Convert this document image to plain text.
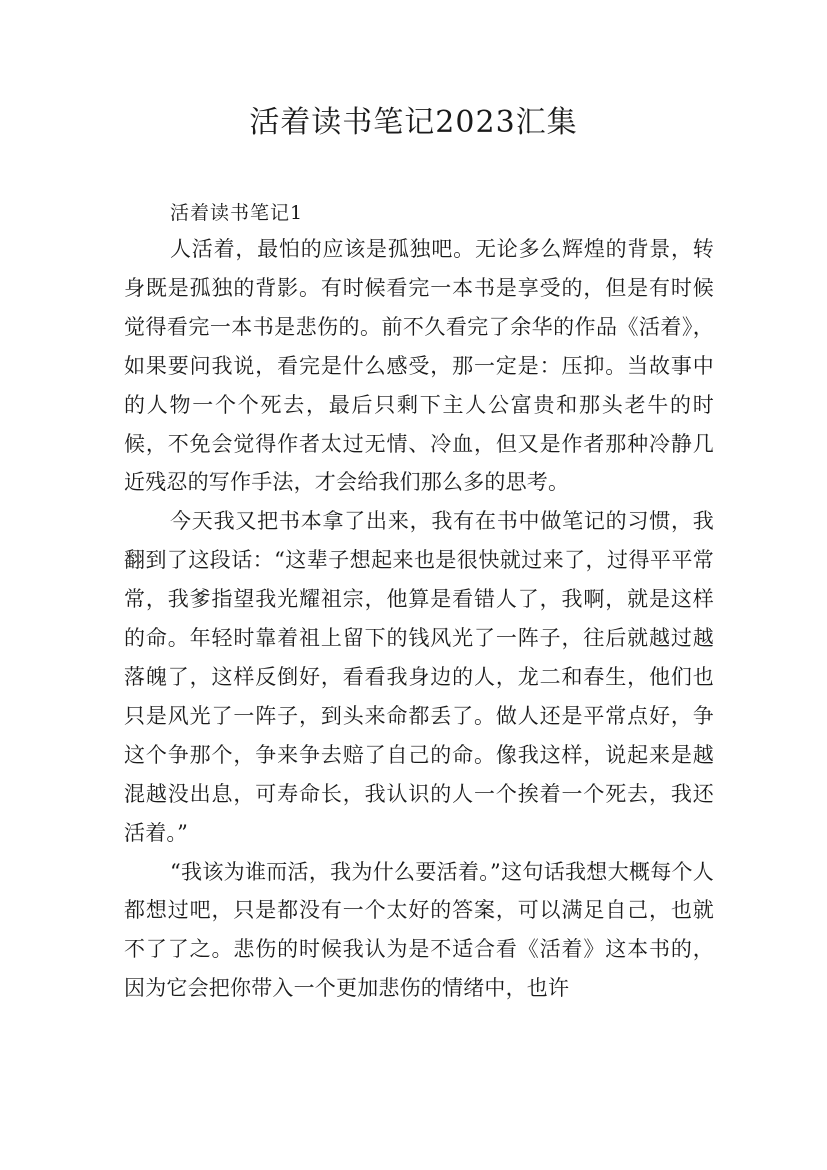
活着读书笔记2023汇集
活着读书笔记1

人活着，最怕的应该是孤独吧。无论多么辉煌的背景，转身既是孤独的背影。有时候看完一本书是享受的，但是有时候觉得看完一本书是悲伤的。前不久看完了余华的作品《活着》，如果要问我说，看完是什么感受，那一定是：压抑。当故事中的人物一个个死去，最后只剩下主人公富贵和那头老牛的时候，不免会觉得作者太过无情、冷血，但又是作者那种冷静几近残忍的写作手法，才会给我们那么多的思考。

今天我又把书本拿了出来，我有在书中做笔记的习惯，我翻到了这段话：“这辈子想起来也是很快就过来了，过得平平常常，我爹指望我光耀祖宗，他算是看错人了，我啊，就是这样的命。年轻时靠着祖上留下的钱风光了一阵子，往后就越过越落魄了，这样反倒好，看看我身边的人，龙二和春生，他们也只是风光了一阵子，到头来命都丢了。做人还是平常点好，争这个争那个，争来争去赔了自己的命。像我这样，说起来是越混越没出息，可寿命长，我认识的人一个挨着一个死去，我还活着。”

“我该为谁而活，我为什么要活着。”这句话我想大概每个人都想过吧，只是都没有一个太好的答案，可以满足自己，也就不了了之。悲伤的时候我认为是不适合看《活着》这本书的，因为它会把你带入一个更加悲伤的情绪中，也许
